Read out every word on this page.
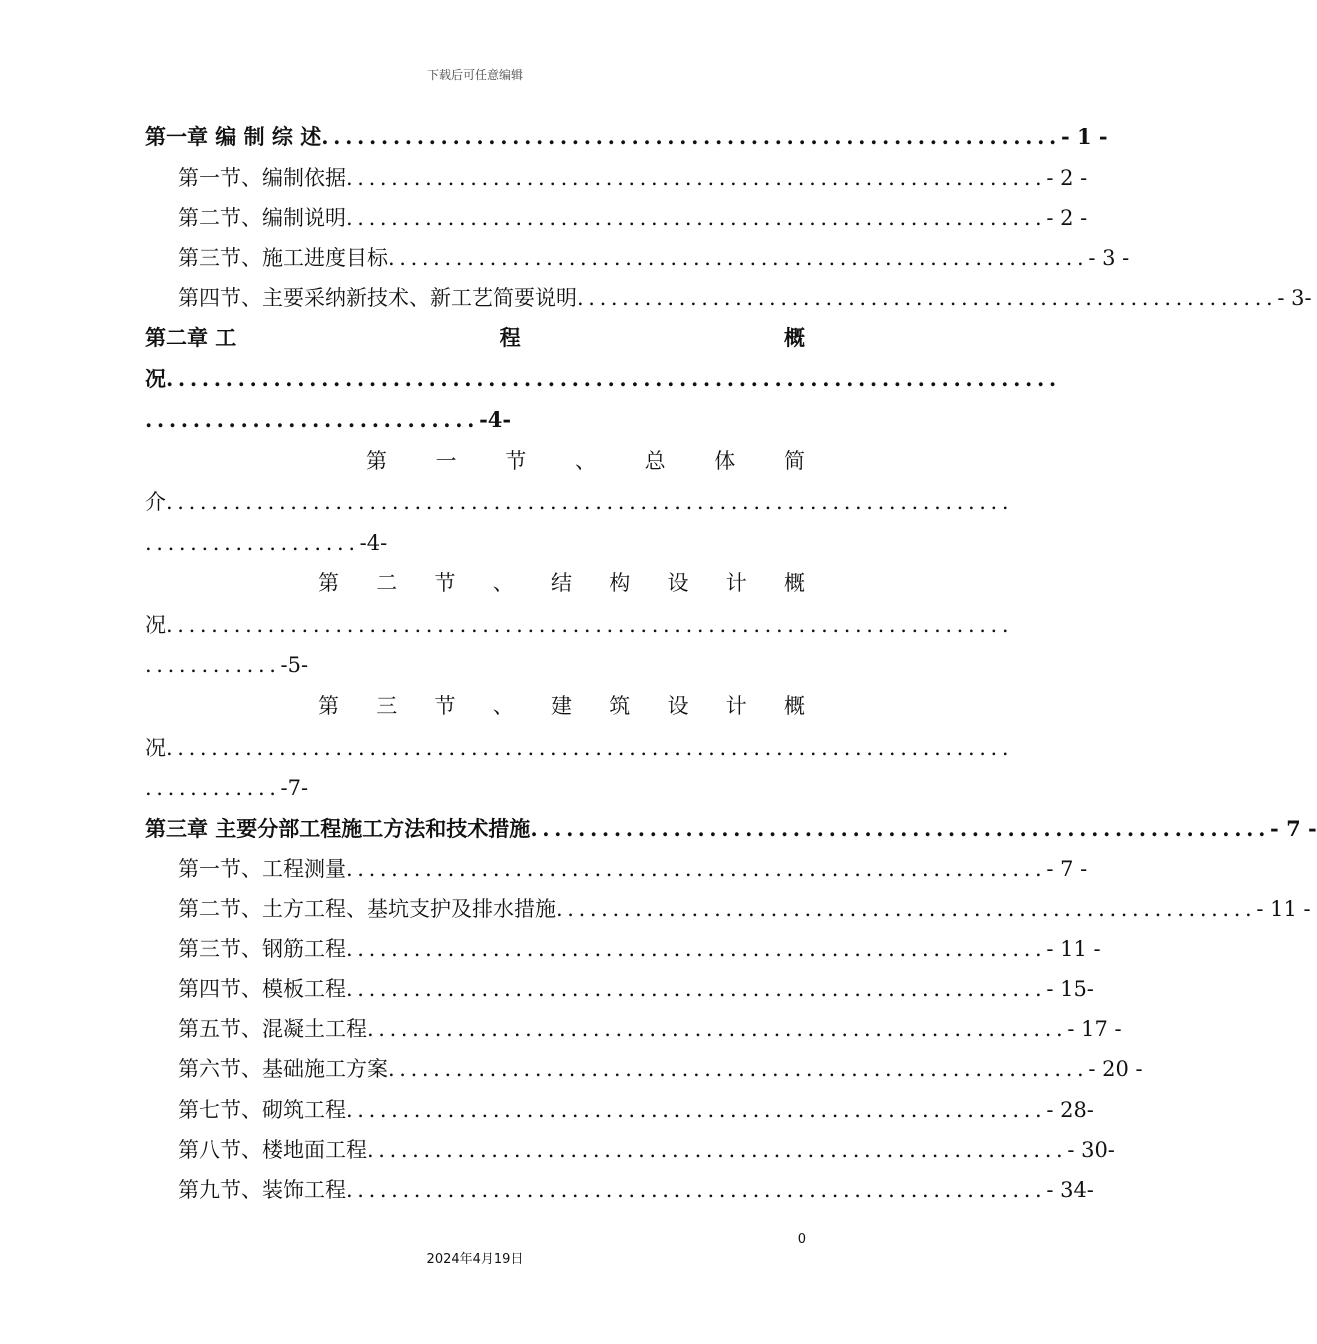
下载后可任意编辑
第一章 编 制 综 述 .............................................................. - 1 -
第一节、编制依据 .............................................................. - 2 -
第二节、编制说明 .............................................................. - 2 -
第三节、施工进度目标 .............................................................. - 3 -
第四节、主要采纳新技术、新工艺简要说明 .............................................................. - 3-
第二章 工	程	概
况 ...........................................................................
............................-4-
第 一 节 、 总 体 简
介 ...........................................................................
...................-4-
第 二 节 、 结 构 设 计 概
况 ...........................................................................
............-5-
第 三 节 、 建 筑 设 计 概
况 ...........................................................................
............-7-
第三章 主要分部工程施工方法和技术措施 .............................................................. - 7 -
第一节、工程测量 .............................................................. - 7 -
第二节、土方工程、基坑支护及排水措施 .............................................................. - 11 -
第三节、钢筋工程 .............................................................. - 11 -
第四节、模板工程 .............................................................. - 15-
第五节、混凝土工程 .............................................................. - 17 -
第六节、基础施工方案 .............................................................. - 20 -
第七节、砌筑工程 .............................................................. - 28-
第八节、楼地面工程 .............................................................. - 30-
第九节、装饰工程 .............................................................. - 34-
0
2024年4月19日
